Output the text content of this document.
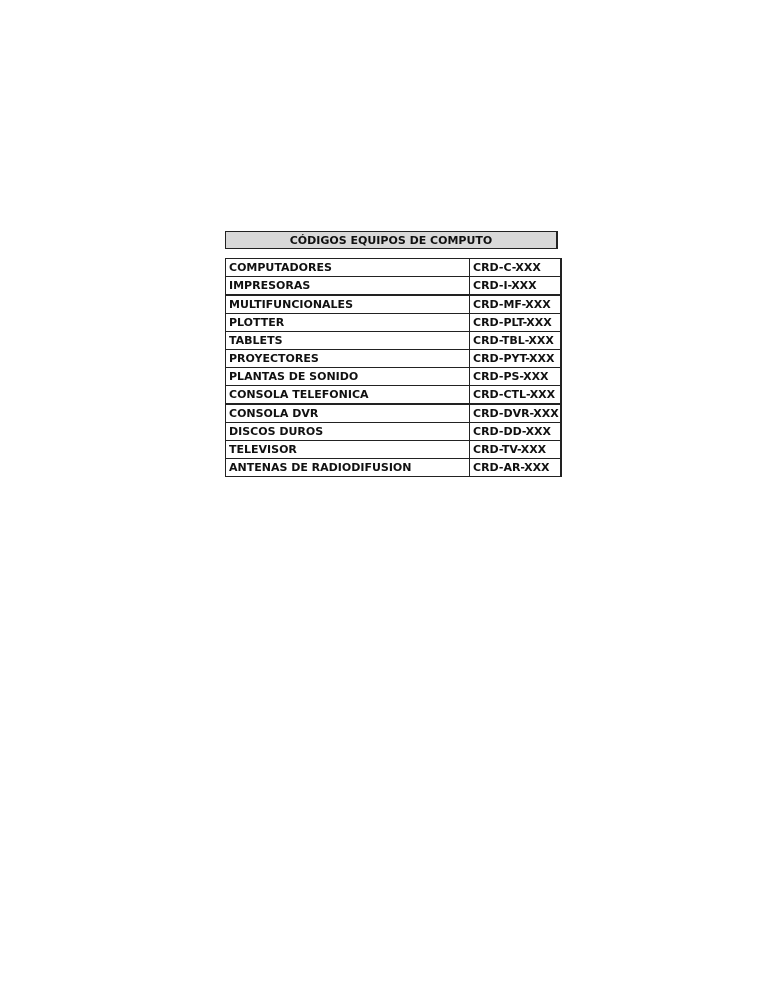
CÓDIGOS EQUIPOS DE COMPUTO
COMPUTADORES	CRD-C-XXX
IMPRESORAS	CRD-I-XXX
MULTIFUNCIONALES	CRD-MF-XXX
PLOTTER	CRD-PLT-XXX
TABLETS	CRD-TBL-XXX
PROYECTORES	CRD-PYT-XXX
PLANTAS DE SONIDO	CRD-PS-XXX
CONSOLA TELEFONICA	CRD-CTL-XXX
CONSOLA DVR	CRD-DVR-XXX
DISCOS DUROS	CRD-DD-XXX
TELEVISOR	CRD-TV-XXX
ANTENAS DE RADIODIFUSION	CRD-AR-XXX
